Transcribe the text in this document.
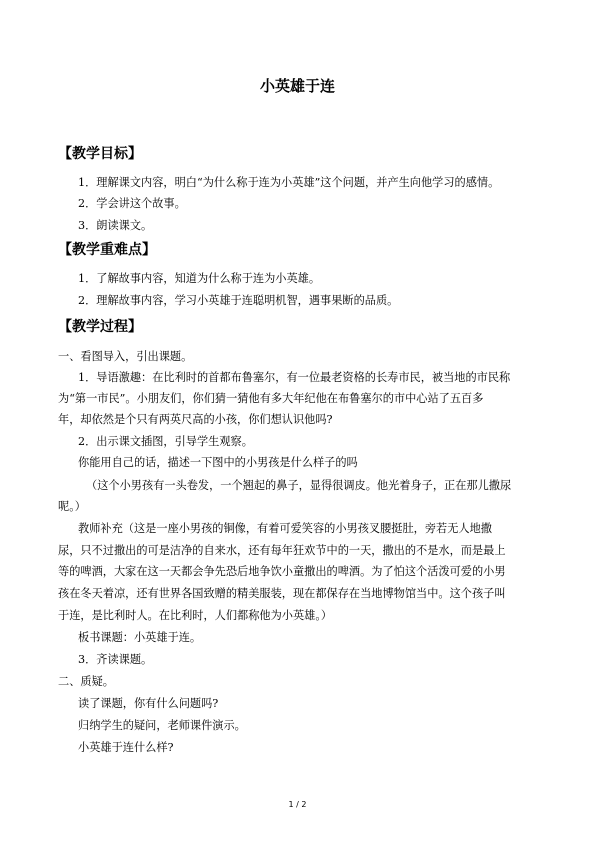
小英雄于连
【教学目标】
1．理解课文内容，明白“为什么称于连为小英雄”这个问题，并产生向他学习的感情。
2．学会讲这个故事。
3．朗读课文。
【教学重难点】
1．了解故事内容，知道为什么称于连为小英雄。
2．理解故事内容，学习小英雄于连聪明机智，遇事果断的品质。
【教学过程】
一、看图导入，引出课题。
1．导语激趣：在比利时的首都布鲁塞尔，有一位最老资格的长寿市民，被当地的市民称
为“第一市民”。小朋友们，你们猜一猜他有多大年纪他在布鲁塞尔的市中心站了五百多
年，却依然是个只有两英尺高的小孩，你们想认识他吗?
2．出示课文插图，引导学生观察。
你能用自己的话，描述一下图中的小男孩是什么样子的吗
（这个小男孩有一头卷发，一个翘起的鼻子，显得很调皮。他光着身子，正在那儿撒尿
呢。）
教师补充（这是一座小男孩的铜像，有着可爱笑容的小男孩叉腰挺肚，旁若无人地撒
尿，只不过撒出的可是洁净的自来水，还有每年狂欢节中的一天，撒出的不是水，而是最上
等的啤酒，大家在这一天都会争先恐后地争饮小童撒出的啤酒。为了怕这个活泼可爱的小男
孩在冬天着凉，还有世界各国致赠的精美服装，现在都保存在当地博物馆当中。这个孩子叫
于连，是比利时人。在比利时，人们都称他为小英雄。）
板书课题：小英雄于连。
3．齐读课题。
二、质疑。
读了课题，你有什么问题吗?
归纳学生的疑问，老师课件演示。
小英雄于连什么样?
1 / 2
